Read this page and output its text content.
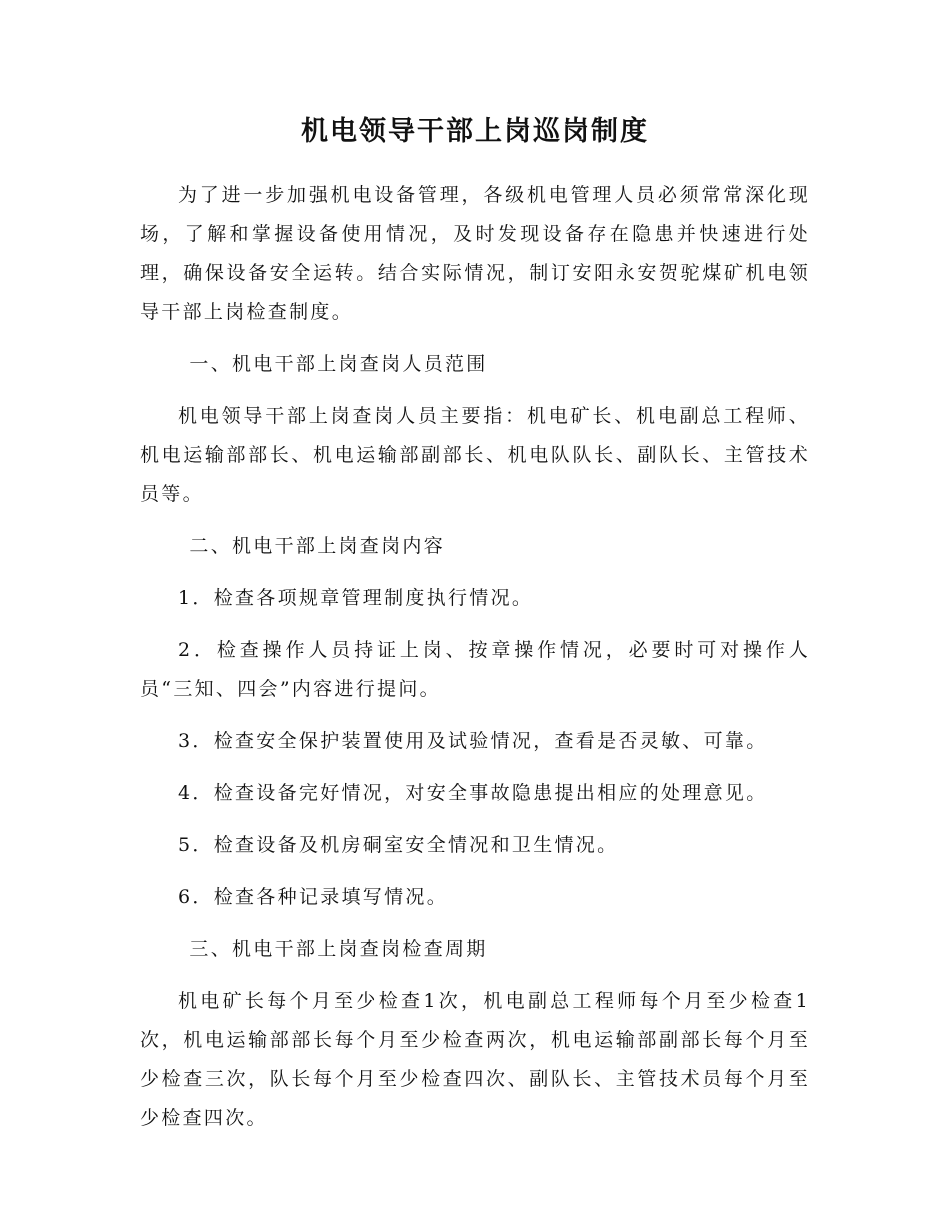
机电领导干部上岗巡岗制度

为了进一步加强机电设备管理，各级机电管理人员必须常常深化现场，了解和掌握设备使用情况，及时发现设备存在隐患并快速进行处理，确保设备安全运转。结合实际情况，制订安阳永安贺驼煤矿机电领导干部上岗检查制度。

一、机电干部上岗查岗人员范围

机电领导干部上岗查岗人员主要指：机电矿长、机电副总工程师、机电运输部部长、机电运输部副部长、机电队队长、副队长、主管技术员等。

二、机电干部上岗查岗内容

1．检查各项规章管理制度执行情况。

2．检查操作人员持证上岗、按章操作情况，必要时可对操作人员“三知、四会”内容进行提问。

3．检查安全保护装置使用及试验情况，查看是否灵敏、可靠。

4．检查设备完好情况，对安全事故隐患提出相应的处理意见。

5．检查设备及机房硐室安全情况和卫生情况。

6．检查各种记录填写情况。

三、机电干部上岗查岗检查周期

机电矿长每个月至少检查1次，机电副总工程师每个月至少检查1次，机电运输部部长每个月至少检查两次，机电运输部副部长每个月至少检查三次，队长每个月至少检查四次、副队长、主管技术员每个月至少检查四次。
